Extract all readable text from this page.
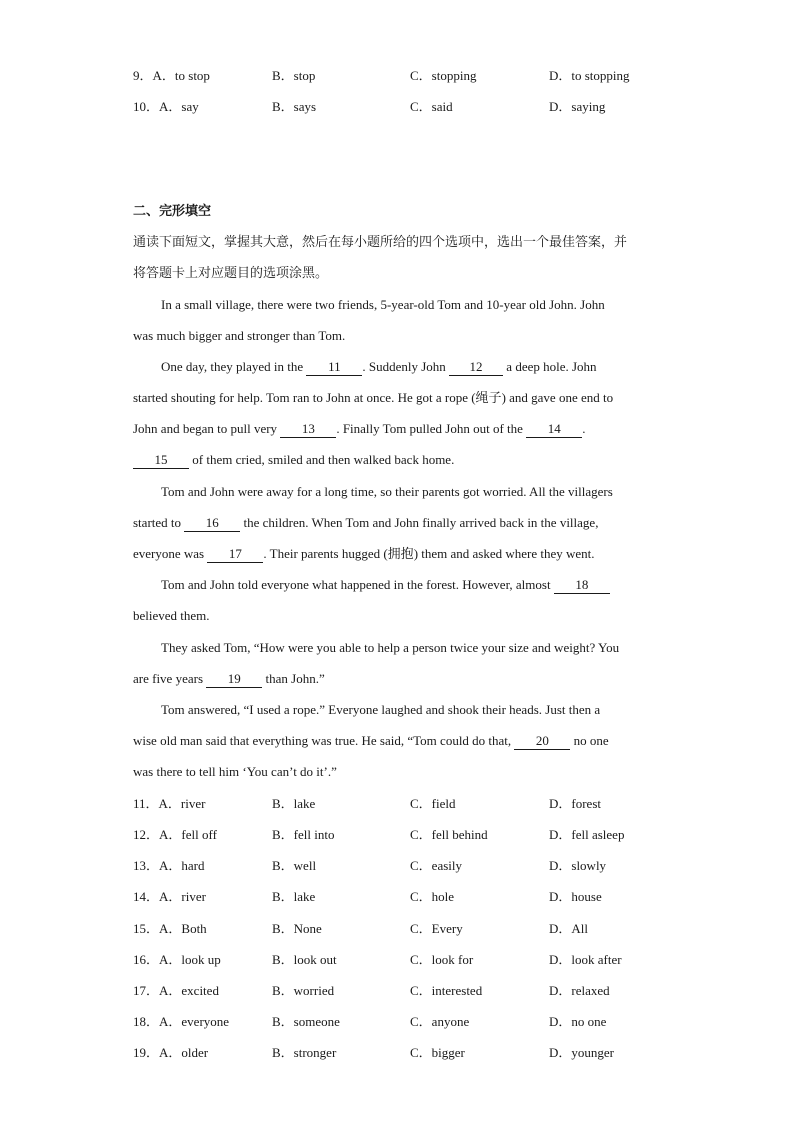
9．A．to stop	B．stop	C．stopping	D．to stopping
10．A．say	B．says	C．said	D．saying
二、完形填空
通读下面短文，掌握其大意，然后在每小题所给的四个选项中，选出一个最佳答案，并
将答题卡上对应题目的选项涂黑。
In a small village, there were two friends, 5-year-old Tom and 10-year old John. John
was much bigger and stronger than Tom.
One day, they played in the 11 . Suddenly John 12 a deep hole. John
started shouting for help. Tom ran to John at once. He got a rope (绳子) and gave one end to
John and began to pull very 13 . Finally Tom pulled John out of the 14 .
15 of them cried, smiled and then walked back home.
Tom and John were away for a long time, so their parents got worried. All the villagers
started to 16 the children. When Tom and John finally arrived back in the village,
everyone was 17 . Their parents hugged (拥抱) them and asked where they went.
Tom and John told everyone what happened in the forest. However, almost 18
believed them.
They asked Tom, “How were you able to help a person twice your size and weight? You
are five years 19 than John.”
Tom answered, “I used a rope.” Everyone laughed and shook their heads. Just then a
wise old man said that everything was true. He said, “Tom could do that, 20 no one
was there to tell him ‘You can’t do it’.”
11．A．river	B．lake	C．field	D．forest
12．A．fell off	B．fell into	C．fell behind	D．fell asleep
13．A．hard	B．well	C．easily	D．slowly
14．A．river	B．lake	C．hole	D．house
15．A．Both	B．None	C．Every	D．All
16．A．look up	B．look out	C．look for	D．look after
17．A．excited	B．worried	C．interested	D．relaxed
18．A．everyone	B．someone	C．anyone	D．no one
19．A．older	B．stronger	C．bigger	D．younger
